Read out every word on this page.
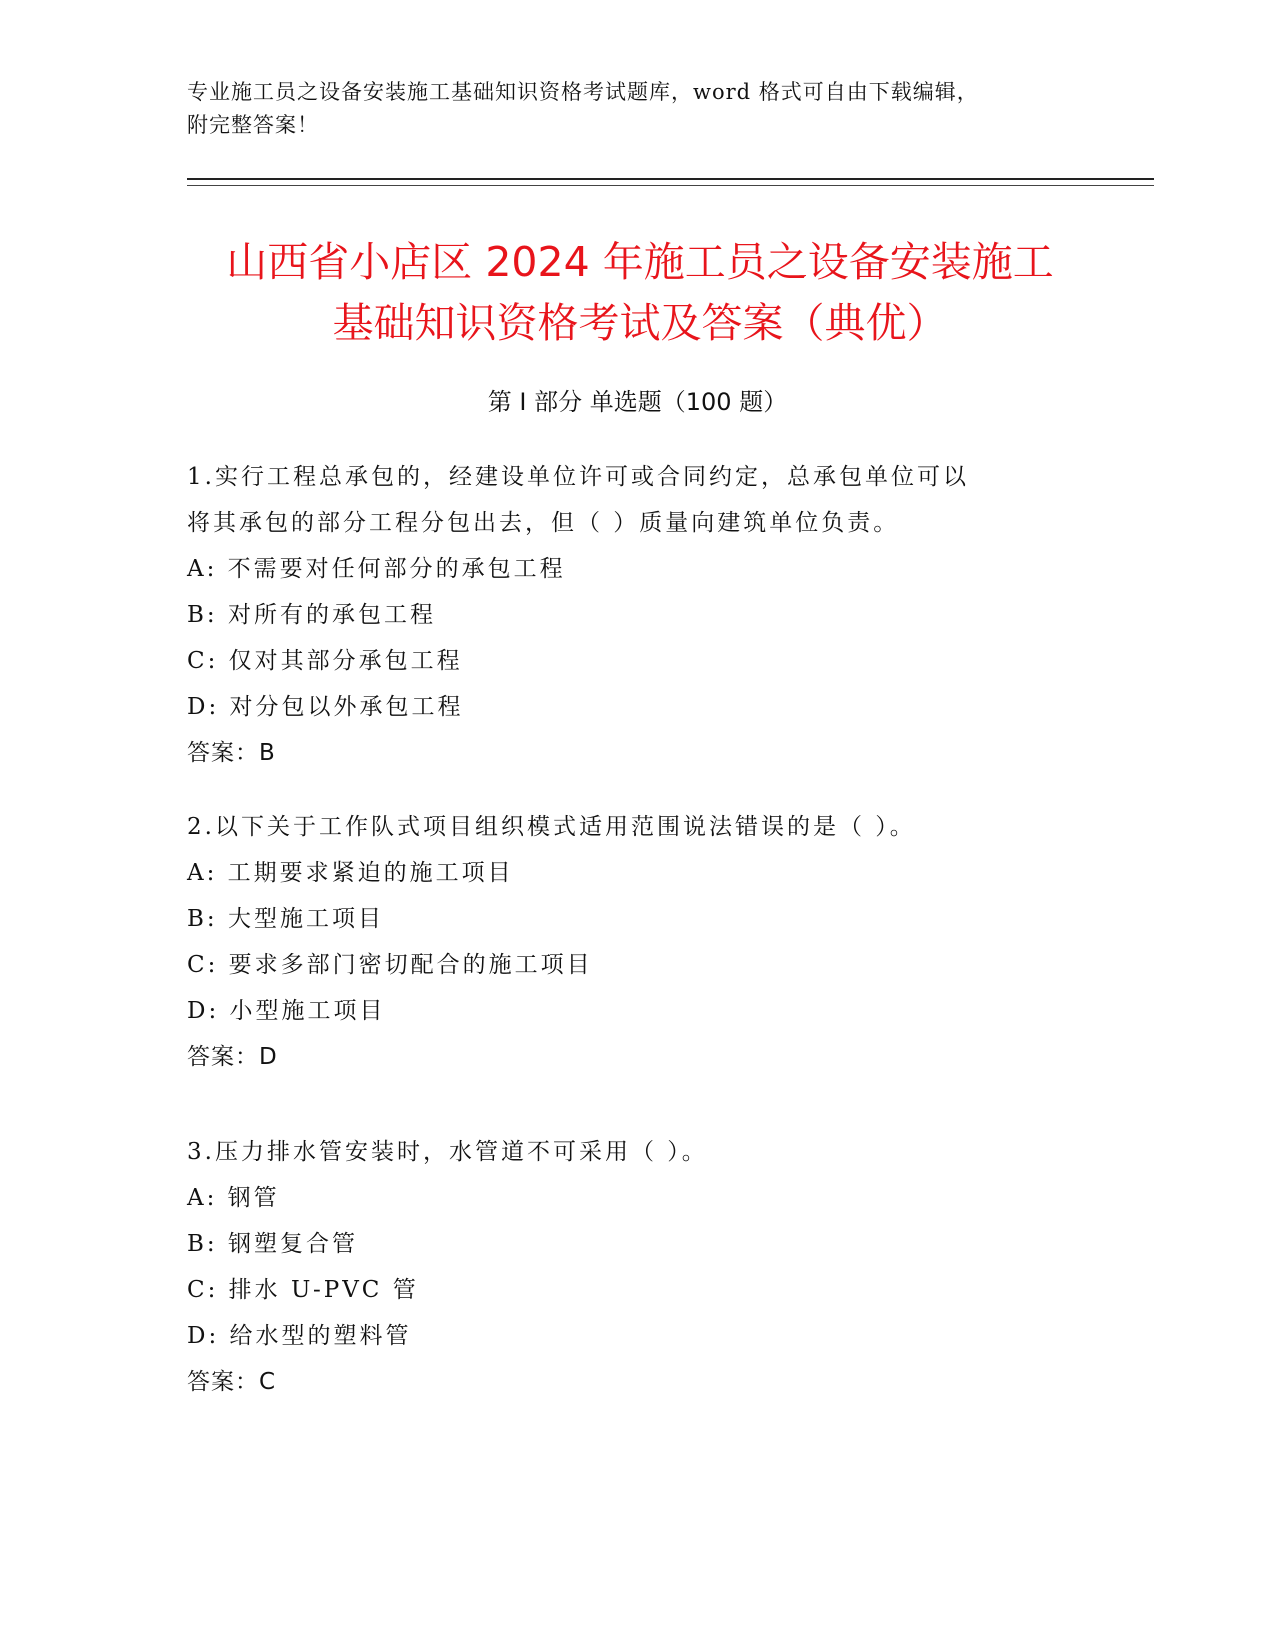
专业施工员之设备安装施工基础知识资格考试题库，word 格式可自由下载编辑，
附完整答案！
山西省小店区 2024 年施工员之设备安装施工
基础知识资格考试及答案（典优）
第 I 部分 单选题（100 题）
1.实行工程总承包的，经建设单位许可或合同约定，总承包单位可以
将其承包的部分工程分包出去，但（ ）质量向建筑单位负责。
A: 不需要对任何部分的承包工程
B: 对所有的承包工程
C: 仅对其部分承包工程
D: 对分包以外承包工程
答案：B
2.以下关于工作队式项目组织模式适用范围说法错误的是（ ）。
A: 工期要求紧迫的施工项目
B: 大型施工项目
C: 要求多部门密切配合的施工项目
D: 小型施工项目
答案：D
3.压力排水管安装时，水管道不可采用（ ）。
A: 钢管
B: 钢塑复合管
C: 排水 U-PVC 管
D: 给水型的塑料管
答案：C
